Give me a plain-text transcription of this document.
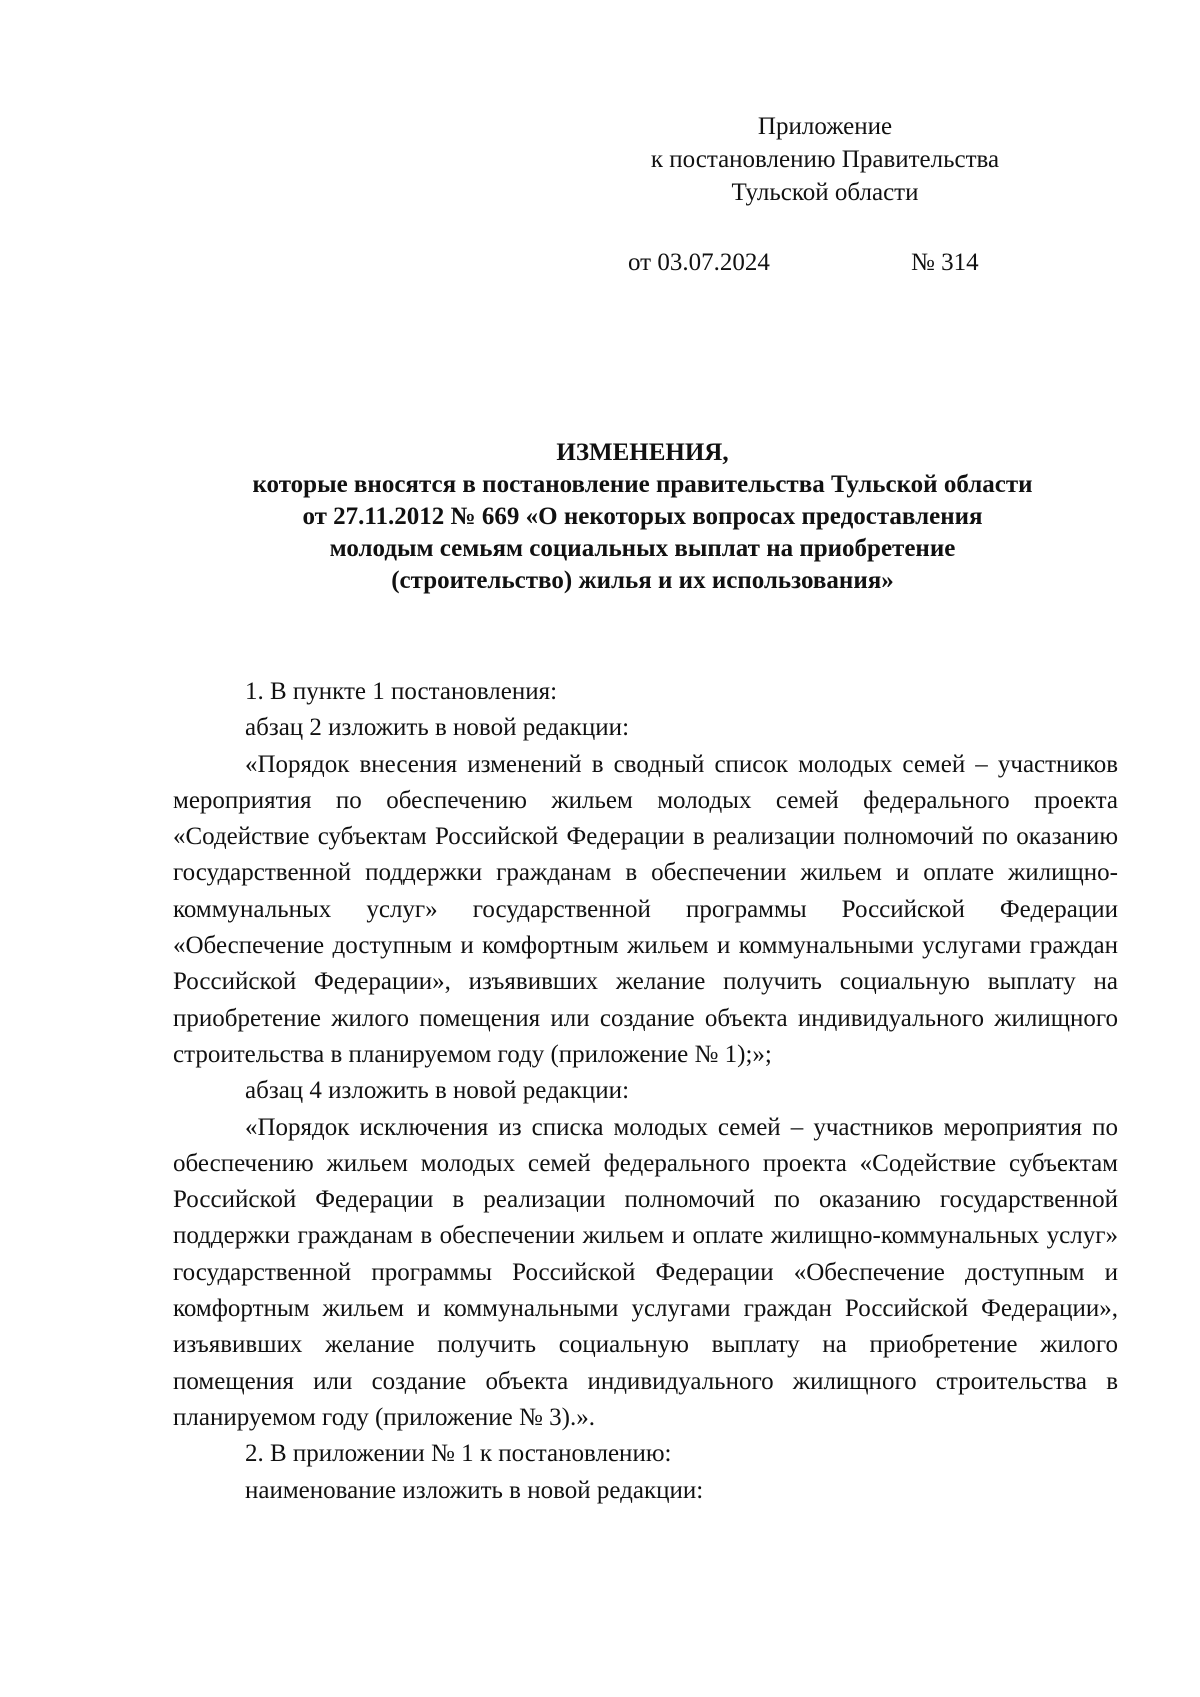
Приложение
к постановлению Правительства
Тульской области
от 03.07.2024	№ 314
ИЗМЕНЕНИЯ,
которые вносятся в постановление правительства Тульской области
от 27.11.2012 № 669 «О некоторых вопросах предоставления
молодым семьям социальных выплат на приобретение
(строительство) жилья и их использования»

1. В пункте 1 постановления:

абзац 2 изложить в новой редакции:

«Порядок внесения изменений в сводный список молодых семей – участников мероприятия по обеспечению жильем молодых семей федерального проекта «Содействие субъектам Российской Федерации в реализации полномочий по оказанию государственной поддержки гражданам в обеспечении жильем и оплате жилищно-коммунальных услуг» государственной программы Российской Федерации «Обеспечение доступным и комфортным жильем и коммунальными услугами граждан Российской Федерации», изъявивших желание получить социальную выплату на приобретение жилого помещения или создание объекта индивидуального жилищного строительства в планируемом году (приложение № 1);»;

абзац 4 изложить в новой редакции:

«Порядок исключения из списка молодых семей – участников мероприятия по обеспечению жильем молодых семей федерального проекта «Содействие субъектам Российской Федерации в реализации полномочий по оказанию государственной поддержки гражданам в обеспечении жильем и оплате жилищно-коммунальных услуг» государственной программы Российской Федерации «Обеспечение доступным и комфортным жильем и коммунальными услугами граждан Российской Федерации», изъявивших желание получить социальную выплату на приобретение жилого помещения или создание объекта индивидуального жилищного строительства в планируемом году (приложение № 3).».

2. В приложении № 1 к постановлению:

наименование изложить в новой редакции:
